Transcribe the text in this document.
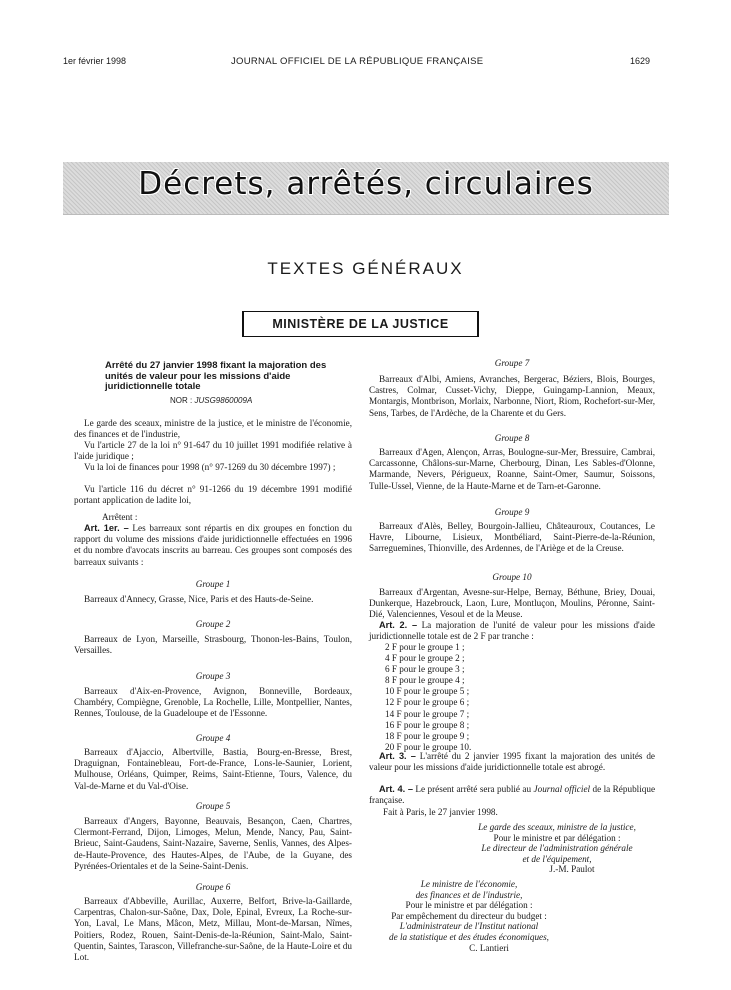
1er février 1998	JOURNAL OFFICIEL DE LA RÉPUBLIQUE FRANÇAISE	1629
Décrets, arrêtés, circulaires
TEXTES GÉNÉRAUX
MINISTÈRE DE LA JUSTICE
Arrêté du 27 janvier 1998 fixant la majoration des unités de valeur pour les missions d'aide juridictionnelle totale
NOR : JUSG9860009A
Le garde des sceaux, ministre de la justice, et le ministre de l'économie, des finances et de l'industrie,
Vu l'article 27 de la loi n° 91-647 du 10 juillet 1991 modifiée relative à l'aide juridique ;
Vu la loi de finances pour 1998 (n° 97-1269 du 30 décembre 1997) ;
Vu l'article 116 du décret n° 91-1266 du 19 décembre 1991 modifié portant application de ladite loi,
Arrêtent :
Art. 1er. – Les barreaux sont répartis en dix groupes en fonction du rapport du volume des missions d'aide juridictionnelle effectuées en 1996 et du nombre d'avocats inscrits au barreau. Ces groupes sont composés des barreaux suivants :
Groupe 1
Barreaux d'Annecy, Grasse, Nice, Paris et des Hauts-de-Seine.
Groupe 2
Barreaux de Lyon, Marseille, Strasbourg, Thonon-les-Bains, Toulon, Versailles.
Groupe 3
Barreaux d'Aix-en-Provence, Avignon, Bonneville, Bordeaux, Chambéry, Compiègne, Grenoble, La Rochelle, Lille, Montpellier, Nantes, Rennes, Toulouse, de la Guadeloupe et de l'Essonne.
Groupe 4
Barreaux d'Ajaccio, Albertville, Bastia, Bourg-en-Bresse, Brest, Draguignan, Fontainebleau, Fort-de-France, Lons-le-Saunier, Lorient, Mulhouse, Orléans, Quimper, Reims, Saint-Etienne, Tours, Valence, du Val-de-Marne et du Val-d'Oise.
Groupe 5
Barreaux d'Angers, Bayonne, Beauvais, Besançon, Caen, Chartres, Clermont-Ferrand, Dijon, Limoges, Melun, Mende, Nancy, Pau, Saint-Brieuc, Saint-Gaudens, Saint-Nazaire, Saverne, Senlis, Vannes, des Alpes-de-Haute-Provence, des Hautes-Alpes, de l'Aube, de la Guyane, des Pyrénées-Orientales et de la Seine-Saint-Denis.
Groupe 6
Barreaux d'Abbeville, Aurillac, Auxerre, Belfort, Brive-la-Gaillarde, Carpentras, Chalon-sur-Saône, Dax, Dole, Epinal, Evreux, La Roche-sur-Yon, Laval, Le Mans, Mâcon, Metz, Millau, Mont-de-Marsan, Nîmes, Poitiers, Rodez, Rouen, Saint-Denis-de-la-Réunion, Saint-Malo, Saint-Quentin, Saintes, Tarascon, Villefranche-sur-Saône, de la Haute-Loire et du Lot.
Groupe 7
Barreaux d'Albi, Amiens, Avranches, Bergerac, Béziers, Blois, Bourges, Castres, Colmar, Cusset-Vichy, Dieppe, Guingamp-Lannion, Meaux, Montargis, Montbrison, Morlaix, Narbonne, Niort, Riom, Rochefort-sur-Mer, Sens, Tarbes, de l'Ardèche, de la Charente et du Gers.
Groupe 8
Barreaux d'Agen, Alençon, Arras, Boulogne-sur-Mer, Bressuire, Cambrai, Carcassonne, Châlons-sur-Marne, Cherbourg, Dinan, Les Sables-d'Olonne, Marmande, Nevers, Périgueux, Roanne, Saint-Omer, Saumur, Soissons, Tulle-Ussel, Vienne, de la Haute-Marne et de Tarn-et-Garonne.
Groupe 9
Barreaux d'Alès, Belley, Bourgoin-Jallieu, Châteauroux, Coutances, Le Havre, Libourne, Lisieux, Montbéliard, Saint-Pierre-de-la-Réunion, Sarreguemines, Thionville, des Ardennes, de l'Ariège et de la Creuse.
Groupe 10
Barreaux d'Argentan, Avesne-sur-Helpe, Bernay, Béthune, Briey, Douai, Dunkerque, Hazebrouck, Laon, Lure, Montluçon, Moulins, Péronne, Saint-Dié, Valenciennes, Vesoul et de la Meuse.
Art. 2. – La majoration de l'unité de valeur pour les missions d'aide juridictionnelle totale est de 2 F par tranche :
2 F pour le groupe 1 ;
4 F pour le groupe 2 ;
6 F pour le groupe 3 ;
8 F pour le groupe 4 ;
10 F pour le groupe 5 ;
12 F pour le groupe 6 ;
14 F pour le groupe 7 ;
16 F pour le groupe 8 ;
18 F pour le groupe 9 ;
20 F pour le groupe 10.
Art. 3. – L'arrêté du 2 janvier 1995 fixant la majoration des unités de valeur pour les missions d'aide juridictionnelle totale est abrogé.
Art. 4. – Le présent arrêté sera publié au Journal officiel de la République française.
Fait à Paris, le 27 janvier 1998.
Le garde des sceaux, ministre de la justice,
Pour le ministre et par délégation :
Le directeur de l'administration générale
et de l'équipement,
J.-M. Paulot
Le ministre de l'économie,
des finances et de l'industrie,
Pour le ministre et par délégation :
Par empêchement du directeur du budget :
L'administrateur de l'Institut national
de la statistique et des études économiques,
C. Lantieri
